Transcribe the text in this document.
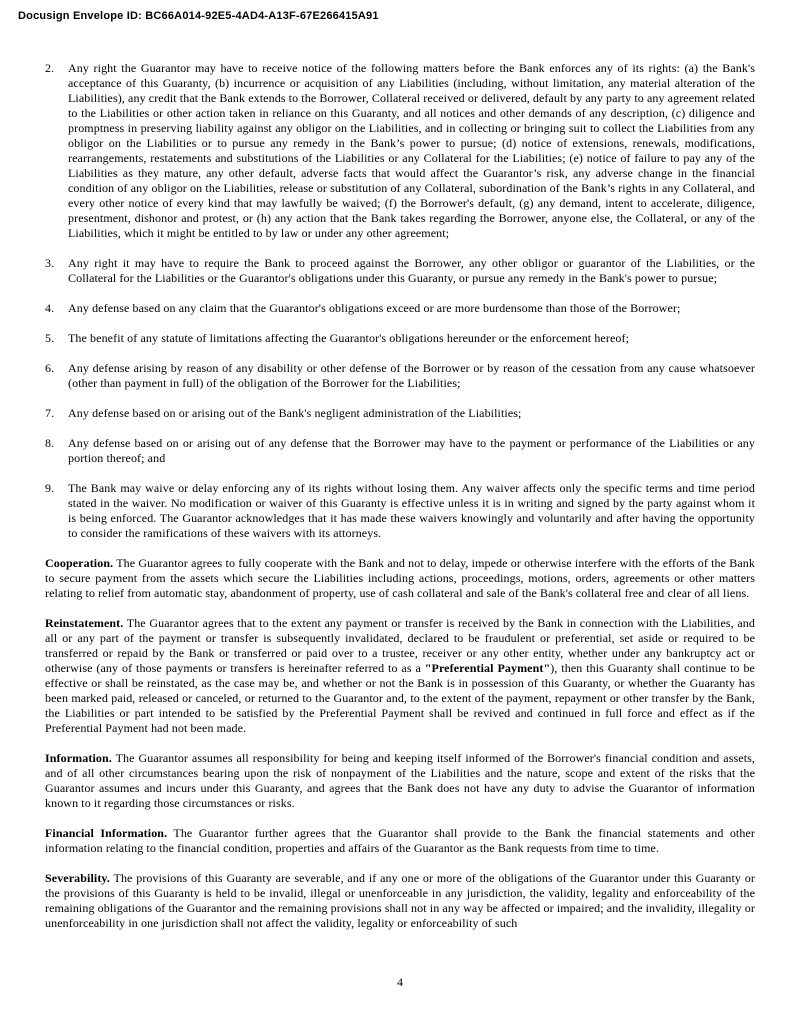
Docusign Envelope ID: BC66A014-92E5-4AD4-A13F-67E266415A91
2.	Any right the Guarantor may have to receive notice of the following matters before the Bank enforces any of its rights: (a) the Bank's acceptance of this Guaranty, (b) incurrence or acquisition of any Liabilities (including, without limitation, any material alteration of the Liabilities), any credit that the Bank extends to the Borrower, Collateral received or delivered, default by any party to any agreement related to the Liabilities or other action taken in reliance on this Guaranty, and all notices and other demands of any description, (c) diligence and promptness in preserving liability against any obligor on the Liabilities, and in collecting or bringing suit to collect the Liabilities from any obligor on the Liabilities or to pursue any remedy in the Bank’s power to pursue; (d) notice of extensions, renewals, modifications, rearrangements, restatements and substitutions of the Liabilities or any Collateral for the Liabilities; (e) notice of failure to pay any of the Liabilities as they mature, any other default, adverse facts that would affect the Guarantor’s risk, any adverse change in the financial condition of any obligor on the Liabilities, release or substitution of any Collateral, subordination of the Bank’s rights in any Collateral, and every other notice of every kind that may lawfully be waived; (f) the Borrower's default, (g) any demand, intent to accelerate, diligence, presentment, dishonor and protest, or (h) any action that the Bank takes regarding the Borrower, anyone else, the Collateral, or any of the Liabilities, which it might be entitled to by law or under any other agreement;
3.	Any right it may have to require the Bank to proceed against the Borrower, any other obligor or guarantor of the Liabilities, or the Collateral for the Liabilities or the Guarantor's obligations under this Guaranty, or pursue any remedy in the Bank's power to pursue;
4.	Any defense based on any claim that the Guarantor's obligations exceed or are more burdensome than those of the Borrower;
5.	The benefit of any statute of limitations affecting the Guarantor's obligations hereunder or the enforcement hereof;
6.	Any defense arising by reason of any disability or other defense of the Borrower or by reason of the cessation from any cause whatsoever (other than payment in full) of the obligation of the Borrower for the Liabilities;
7.	Any defense based on or arising out of the Bank's negligent administration of the Liabilities;
8.	Any defense based on or arising out of any defense that the Borrower may have to the payment or performance of the Liabilities or any portion thereof; and
9.	The Bank may waive or delay enforcing any of its rights without losing them. Any waiver affects only the specific terms and time period stated in the waiver. No modification or waiver of this Guaranty is effective unless it is in writing and signed by the party against whom it is being enforced. The Guarantor acknowledges that it has made these waivers knowingly and voluntarily and after having the opportunity to consider the ramifications of these waivers with its attorneys.

Cooperation. The Guarantor agrees to fully cooperate with the Bank and not to delay, impede or otherwise interfere with the efforts of the Bank to secure payment from the assets which secure the Liabilities including actions, proceedings, motions, orders, agreements or other matters relating to relief from automatic stay, abandonment of property, use of cash collateral and sale of the Bank's collateral free and clear of all liens.

Reinstatement. The Guarantor agrees that to the extent any payment or transfer is received by the Bank in connection with the Liabilities, and all or any part of the payment or transfer is subsequently invalidated, declared to be fraudulent or preferential, set aside or required to be transferred or repaid by the Bank or transferred or paid over to a trustee, receiver or any other entity, whether under any bankruptcy act or otherwise (any of those payments or transfers is hereinafter referred to as a "Preferential Payment"), then this Guaranty shall continue to be effective or shall be reinstated, as the case may be, and whether or not the Bank is in possession of this Guaranty, or whether the Guaranty has been marked paid, released or canceled, or returned to the Guarantor and, to the extent of the payment, repayment or other transfer by the Bank, the Liabilities or part intended to be satisfied by the Preferential Payment shall be revived and continued in full force and effect as if the Preferential Payment had not been made.

Information. The Guarantor assumes all responsibility for being and keeping itself informed of the Borrower's financial condition and assets, and of all other circumstances bearing upon the risk of nonpayment of the Liabilities and the nature, scope and extent of the risks that the Guarantor assumes and incurs under this Guaranty, and agrees that the Bank does not have any duty to advise the Guarantor of information known to it regarding those circumstances or risks.

Financial Information. The Guarantor further agrees that the Guarantor shall provide to the Bank the financial statements and other information relating to the financial condition, properties and affairs of the Guarantor as the Bank requests from time to time.

Severability. The provisions of this Guaranty are severable, and if any one or more of the obligations of the Guarantor under this Guaranty or the provisions of this Guaranty is held to be invalid, illegal or unenforceable in any jurisdiction, the validity, legality and enforceability of the remaining obligations of the Guarantor and the remaining provisions shall not in any way be affected or impaired; and the invalidity, illegality or unenforceability in one jurisdiction shall not affect the validity, legality or enforceability of such

4
